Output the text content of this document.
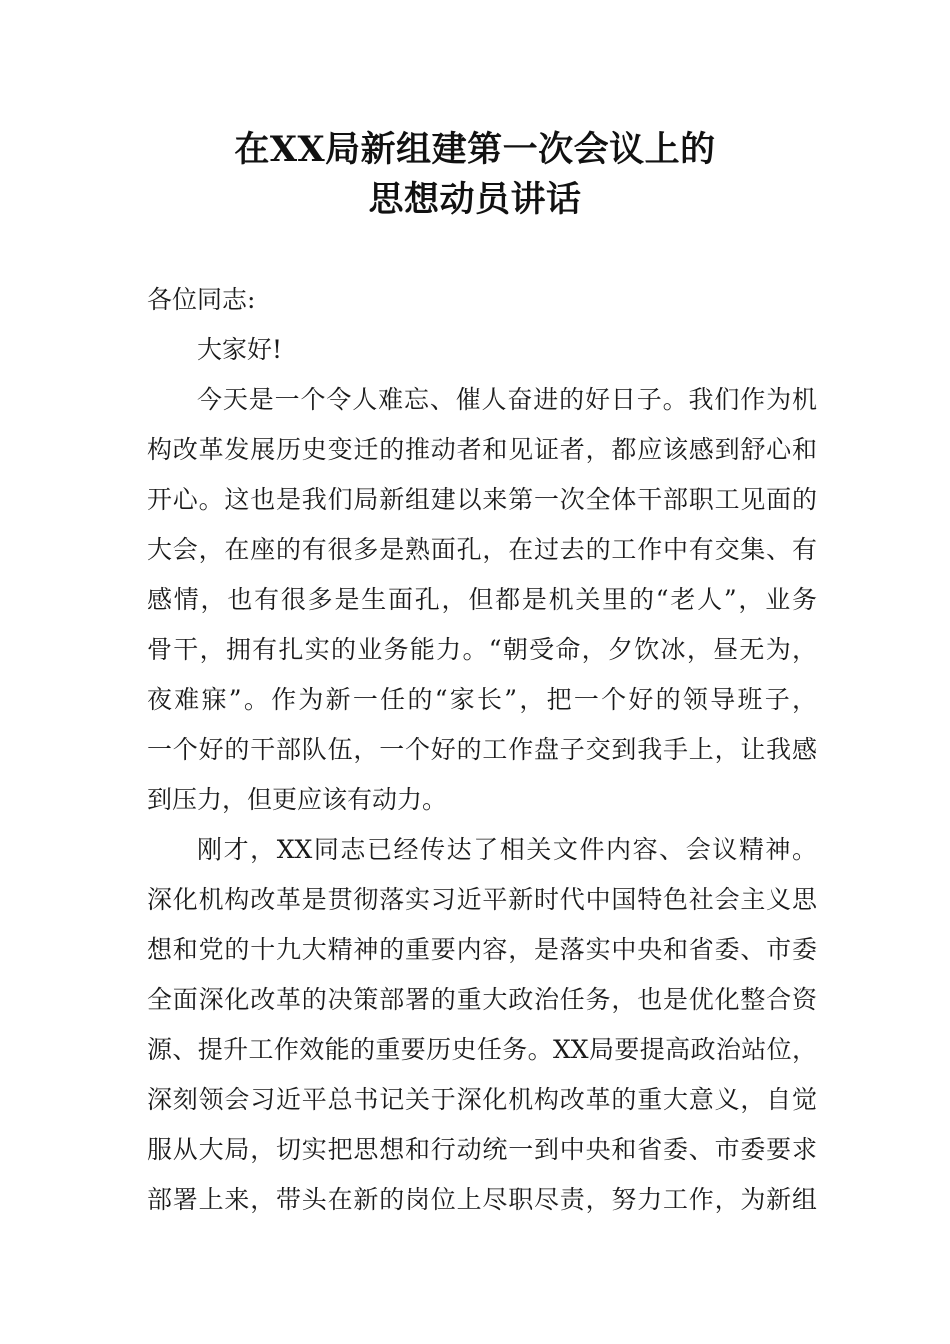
在XX局新组建第一次会议上的
思想动员讲话
各位同志:
大家好!
今天是一个令人难忘、催人奋进的好日子。我们作为机
构改革发展历史变迁的推动者和见证者，都应该感到舒心和
开心。这也是我们局新组建以来第一次全体干部职工见面的
大会，在座的有很多是熟面孔，在过去的工作中有交集、有
感情，也有很多是生面孔，但都是机关里的“老人”，业务
骨干，拥有扎实的业务能力。“朝受命，夕饮冰，昼无为，
夜难寐”。作为新一任的“家长”，把一个好的领导班子，
一个好的干部队伍，一个好的工作盘子交到我手上，让我感
到压力，但更应该有动力。
刚才，XX同志已经传达了相关文件内容、会议精神。
深化机构改革是贯彻落实习近平新时代中国特色社会主义思
想和党的十九大精神的重要内容，是落实中央和省委、市委
全面深化改革的决策部署的重大政治任务，也是优化整合资
源、提升工作效能的重要历史任务。XX局要提高政治站位，
深刻领会习近平总书记关于深化机构改革的重大意义，自觉
服从大局，切实把思想和行动统一到中央和省委、市委要求
部署上来，带头在新的岗位上尽职尽责，努力工作，为新组
